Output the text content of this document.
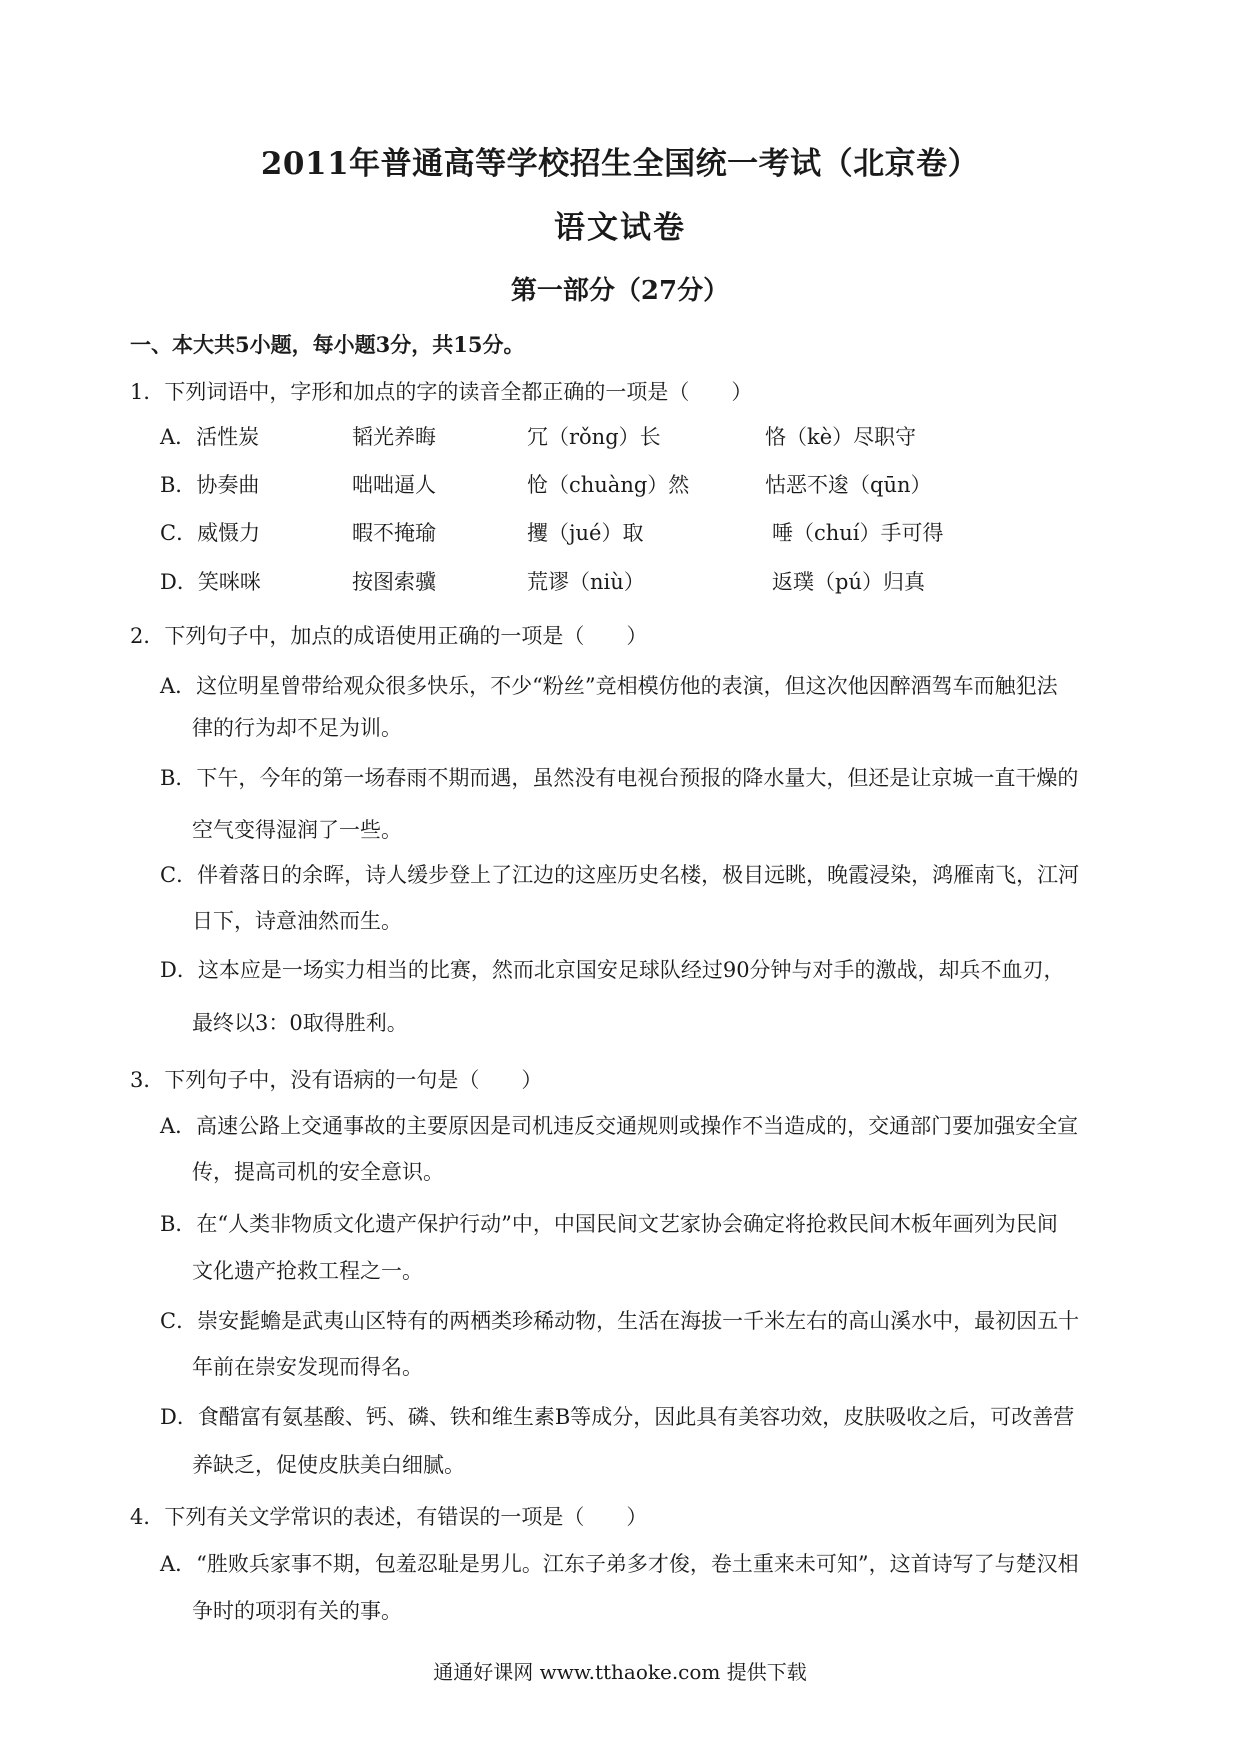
2011年普通高等学校招生全国统一考试（北京卷）
语文试卷
第一部分（27分）
一、本大共5小题，每小题3分，共15分。
1．下列词语中，字形和加点的字的读音全都正确的一项是（　　）
A．活性炭	韬光养晦	冗（rǒng）长	恪（kè）尽职守
B．协奏曲	咄咄逼人	怆（chuàng）然	怙恶不逡（qūn）
C．威慑力	暇不掩瑜	攫（jué）取	唾（chuí）手可得
D．笑咪咪	按图索骥	荒谬（niù）	返璞（pú）归真
2．下列句子中，加点的成语使用正确的一项是（　　）
A．这位明星曾带给观众很多快乐，不少“粉丝”竞相模仿他的表演，但这次他因醉酒驾车而触犯法
律的行为却不足为训。
B．下午，今年的第一场春雨不期而遇，虽然没有电视台预报的降水量大，但还是让京城一直干燥的
空气变得湿润了一些。
C．伴着落日的余晖，诗人缓步登上了江边的这座历史名楼，极目远眺，晚霞浸染，鸿雁南飞，江河
日下，诗意油然而生。
D．这本应是一场实力相当的比赛，然而北京国安足球队经过90分钟与对手的激战，却兵不血刃，
最终以3：0取得胜利。
3．下列句子中，没有语病的一句是（　　）
A．高速公路上交通事故的主要原因是司机违反交通规则或操作不当造成的，交通部门要加强安全宣
传，提高司机的安全意识。
B．在“人类非物质文化遗产保护行动”中，中国民间文艺家协会确定将抢救民间木板年画列为民间
文化遗产抢救工程之一。
C．崇安髭蟾是武夷山区特有的两栖类珍稀动物，生活在海拔一千米左右的高山溪水中，最初因五十
年前在崇安发现而得名。
D．食醋富有氨基酸、钙、磷、铁和维生素B等成分，因此具有美容功效，皮肤吸收之后，可改善营
养缺乏，促使皮肤美白细腻。
4．下列有关文学常识的表述，有错误的一项是（　　）
A．“胜败兵家事不期，包羞忍耻是男儿。江东子弟多才俊，卷土重来未可知”，这首诗写了与楚汉相
争时的项羽有关的事。
通通好课网 www.tthaoke.com 提供下载
